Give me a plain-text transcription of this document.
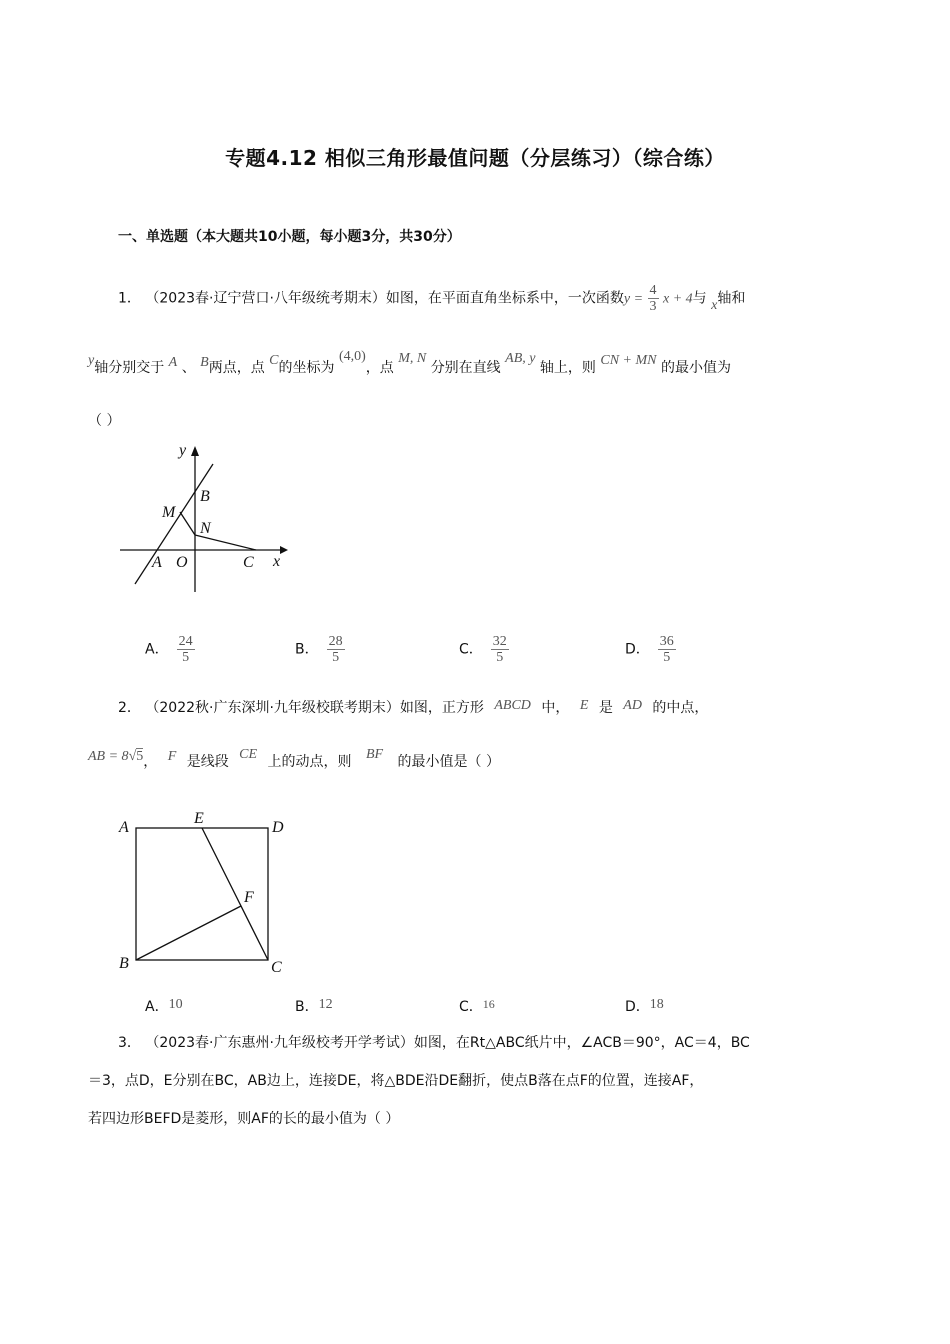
专题4.12 相似三角形最值问题（分层练习）（综合练）
一、单选题（本大题共10小题，每小题3分，共30分）
1． （2023春·辽宁营口·八年级统考期末）如图，在平面直角坐标系中，一次函数$y = \frac{4}{3}$ x + 4与 x轴和
y轴分别交于 A 、 B两点，点 C的坐标为 (4,0)，点 M, N 分别在直线 AB, y 轴上，则 CN + MN 的最小值为
（ ）
y
B
M
N
A O	C x
A． $\frac{24}{5}$	B． $\frac{28}{5}$	C． $\frac{32}{5}$	D． $\frac{36}{5}$
2． （2022秋·广东深圳·九年级校联考期末）如图，正方形 ABCD 中， E 是 AD 的中点，
AB = 8√5， F 是线段 CE 上的动点，则 BF 的最小值是（ ）
A
E
D
F
B	C
A．10	B．12	C．16	D．18
3． （2023春·广东惠州·九年级校考开学考试）如图，在Rt△ABC纸片中，∠ACB＝90°，AC＝4，BC
＝3，点D，E分别在BC，AB边上，连接DE，将△BDE沿DE翻折，使点B落在点F的位置，连接AF，
若四边形BEFD是菱形，则AF的长的最小值为（ ）
